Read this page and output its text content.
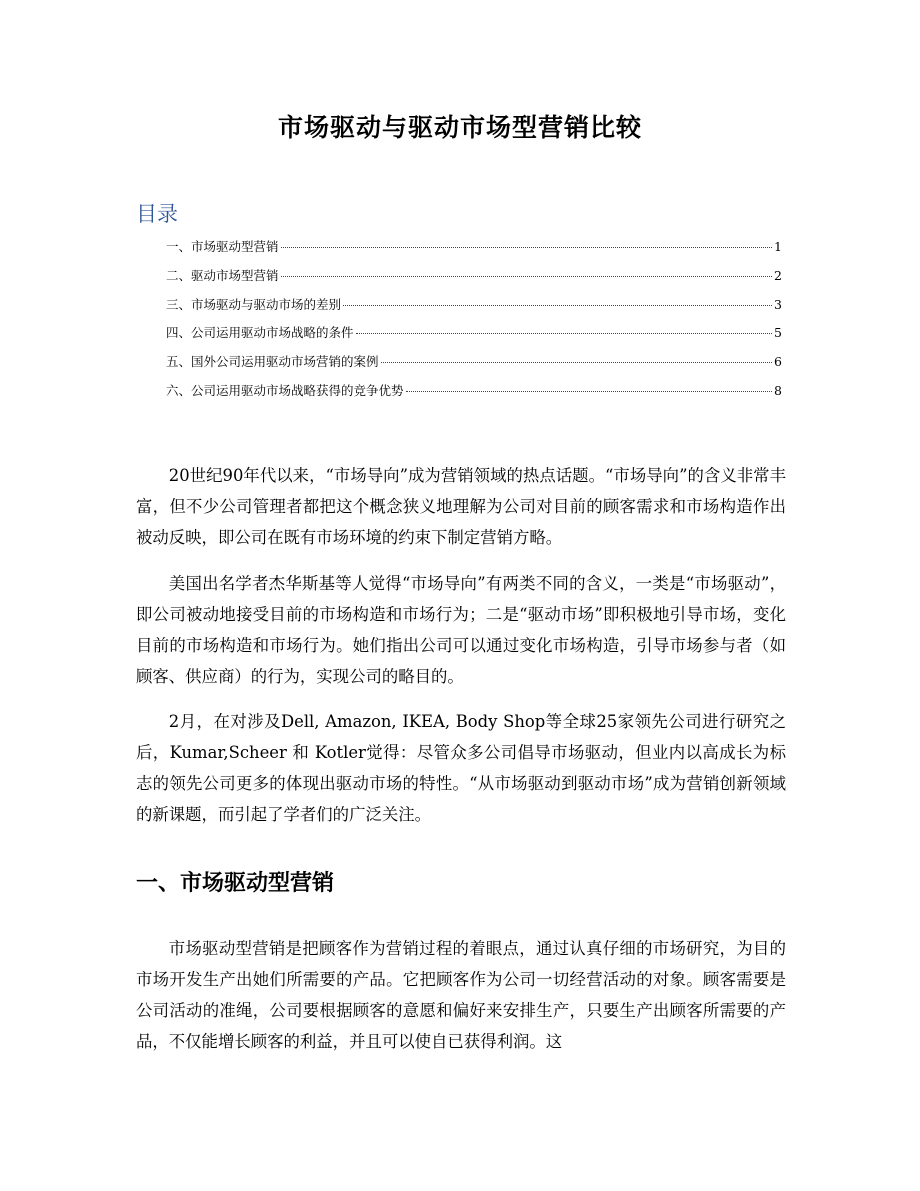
市场驱动与驱动市场型营销比较
目录
一、市场驱动型营销	1
二、驱动市场型营销	2
三、市场驱动与驱动市场的差别	3
四、公司运用驱动市场战略的条件	5
五、国外公司运用驱动市场营销的案例	6
六、公司运用驱动市场战略获得的竞争优势	8

20世纪90年代以来，“市场导向”成为营销领域的热点话题。“市场导向”的含义非常丰富，但不少公司管理者都把这个概念狭义地理解为公司对目前的顾客需求和市场构造作出被动反映，即公司在既有市场环境的约束下制定营销方略。

美国出名学者杰华斯基等人觉得“市场导向”有两类不同的含义，一类是“市场驱动”，即公司被动地接受目前的市场构造和市场行为；二是“驱动市场”即积极地引导市场，变化目前的市场构造和市场行为。她们指出公司可以通过变化市场构造，引导市场参与者（如顾客、供应商）的行为，实现公司的略目的。

2月，在对涉及Dell, Amazon, IKEA, Body Shop等全球25家领先公司进行研究之后，Kumar,Scheer 和 Kotler觉得：尽管众多公司倡导市场驱动，但业内以高成长为标志的领先公司更多的体现出驱动市场的特性。“从市场驱动到驱动市场”成为营销创新领域的新课题，而引起了学者们的广泛关注。

一、市场驱动型营销

市场驱动型营销是把顾客作为营销过程的着眼点，通过认真仔细的市场研究，为目的市场开发生产出她们所需要的产品。它把顾客作为公司一切经营活动的对象。顾客需要是公司活动的准绳，公司要根据顾客的意愿和偏好来安排生产，只要生产出顾客所需要的产品，不仅能增长顾客的利益，并且可以使自已获得利润。这
